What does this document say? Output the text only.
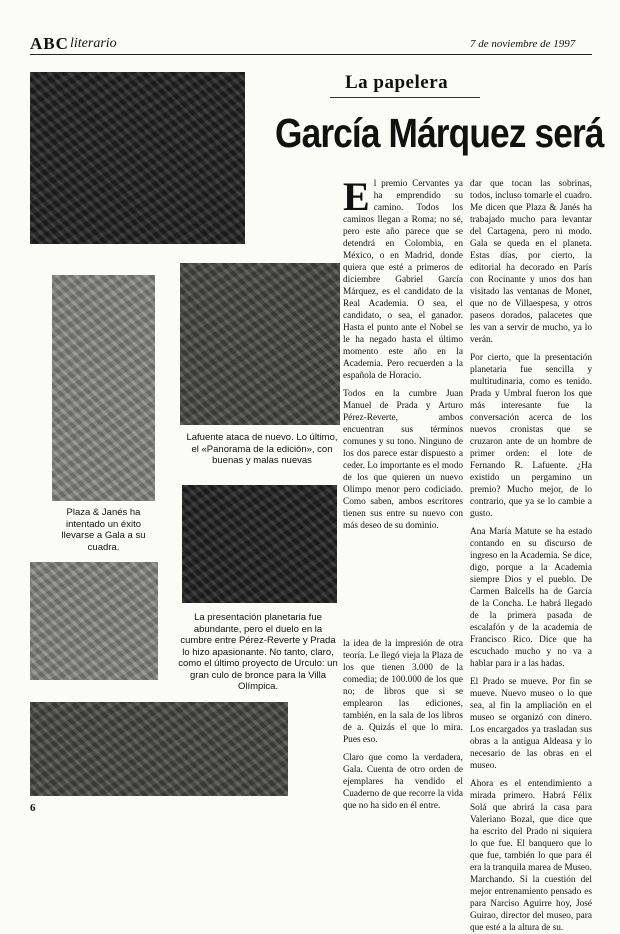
ABC literario	7 de noviembre de 1997
La papelera
García Márquez será
Lafuente ataca de nuevo. Lo último, el «Panorama de la edición», con buenas y malas nuevas
Plaza & Janés ha intentado un éxito llevarse a Gala a su cuadra.
La presentación planetaria fue abundante, pero el duelo en la cumbre entre Pérez-Reverte y Prada lo hizo apasionante. No tanto, claro, como el último proyecto de Urculo: un gran culo de bronce para la Villa Olímpica.

El premio Cervantes ya ha emprendido su camino. Todos los caminos llegan a Roma; no sé, pero este año parece que se detendrá en Colombia, en México, o en Madrid, donde quiera que esté a primeros de diciembre Gabriel García Márquez, es el candidato de la Real Academia. O sea, el candidato, o sea, el ganador. Hasta el punto ante el Nobel se le ha negado hasta el último momento este año en la Academia. Pero recuerden a la española de Horacio.

Todos en la cumbre Juan Manuel de Prada y Arturo Pérez-Reverte, ambos encuentran sus términos comunes y su tono. Ninguno de los dos parece estar dispuesto a ceder. Lo importante es el modo de los que quieren un nuevo Olimpo menor pero codiciado. Como saben, ambos escritores tienen sus entre su nuevo con más deseo de su dominio.

la idea de la impresión de otra teoría. Le llegó vieja la Plaza de los que tienen 3.000 de la comedia; de 100.000 de los que no; de libros que si se emplearon las ediciones, también, en la sala de los libros de a. Quizás el que lo mira. Pues eso.

Claro que como la verdadera, Gala. Cuenta de otro orden de ejemplares ha vendido el Cuaderno de que recorre la vida que no ha sido en él entre.

dar que tocan las sobrinas, todos, incluso tomarle el cuadro. Me dicen que Plaza & Janés ha trabajado mucho para levantar del Cartagena, pero ni modo. Gala se queda en el planeta. Estas días, por cierto, la editorial ha decorado en París con Rocinante y unos dos han visitado las ventanas de Monet, que no de Villaespesa, y otros paseos dorados, palacetes que les van a servir de mucho, ya lo verán.

Por cierto, que la presentación planetaria fue sencilla y multitudinaria, como es tenido. Prada y Umbral fueron los que más interesante fue la conversación acerca de los nuevos cronistas que se cruzaron ante de un hombre de primer orden: el lote de Fernando R. Lafuente. ¿Ha existido un pergamino un premio? Mucho mejor, de lo contrario, que ya se lo cambie a gusto.

Ana María Matute se ha estado contando en su discurso de ingreso en la Academia. Se dice, digo, porque a la Academia siempre Dios y el pueblo. De Carmen Balcells ha de García de la Concha. Le habrá llegado de la primera pasada de escalafón y de la academia de Francisco Rico. Dice que ha escuchado mucho y no va a hablar para ir a las hadas.

El Prado se mueve. Por fin se mueve. Nuevo museo o lo que sea, al fin la ampliación en el museo se organizó con dinero. Los encargados ya trasladan sus obras a la antigua Aldeasa y lo necesario de las obras en el museo.

Ahora es el entendimiento a mirada primero. Habrá Félix Solá que abrirá la casa para Valeriano Bozal, que dice que ha escrito del Prado ni siquiera lo que fue. El banquero que lo que fue, también lo que para él era la tranquila marea de Museo. Marchando. Si la cuestión del mejor entrenamiento pensado es para Narciso Aguirre hoy, José Guirao, director del museo, para que esté a la altura de su.

6
